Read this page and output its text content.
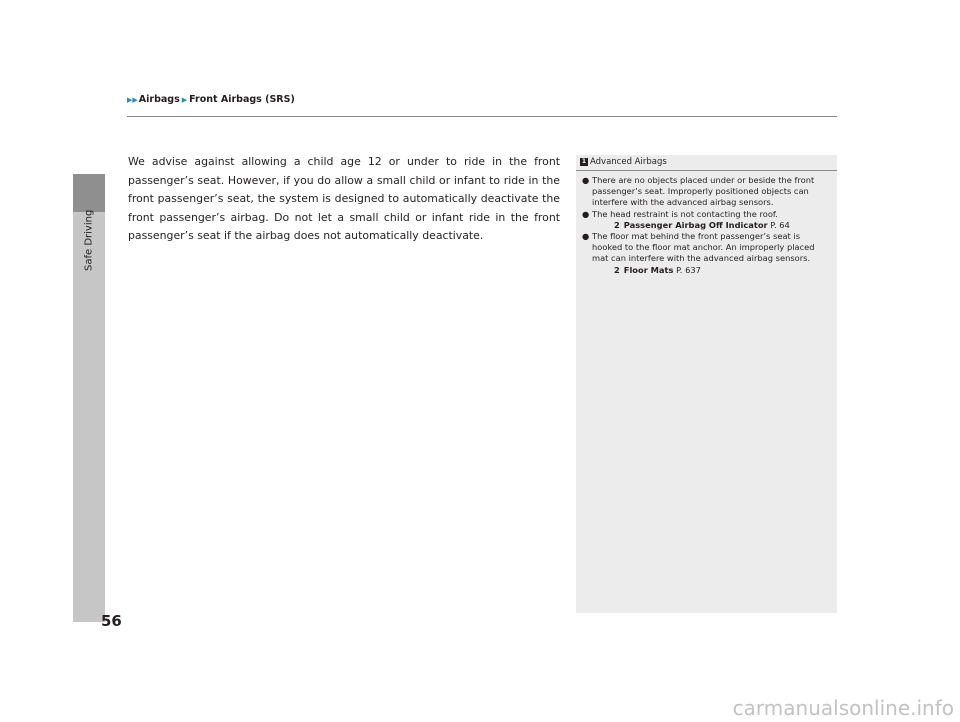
▶▶ Airbags ▶ Front Airbags (SRS)
Safe Driving

We advise against allowing a child age 12 or under to ride in the front passenger’s seat. However, if you do allow a small child or infant to ride in the front passenger’s seat, the system is designed to automatically deactivate the front passenger’s airbag. Do not let a small child or infant ride in the front passenger’s seat if the airbag does not automatically deactivate.

1 Advanced Airbags
● There are no objects placed under or beside the front passenger’s seat. Improperly positioned objects can interfere with the advanced airbag sensors.
● The head restraint is not contacting the roof.
2 Passenger Airbag Off Indicator P. 64
● The floor mat behind the front passenger’s seat is hooked to the floor mat anchor. An improperly placed mat can interfere with the advanced airbag sensors.
2 Floor Mats P. 637
56
carmanualsonline.info
